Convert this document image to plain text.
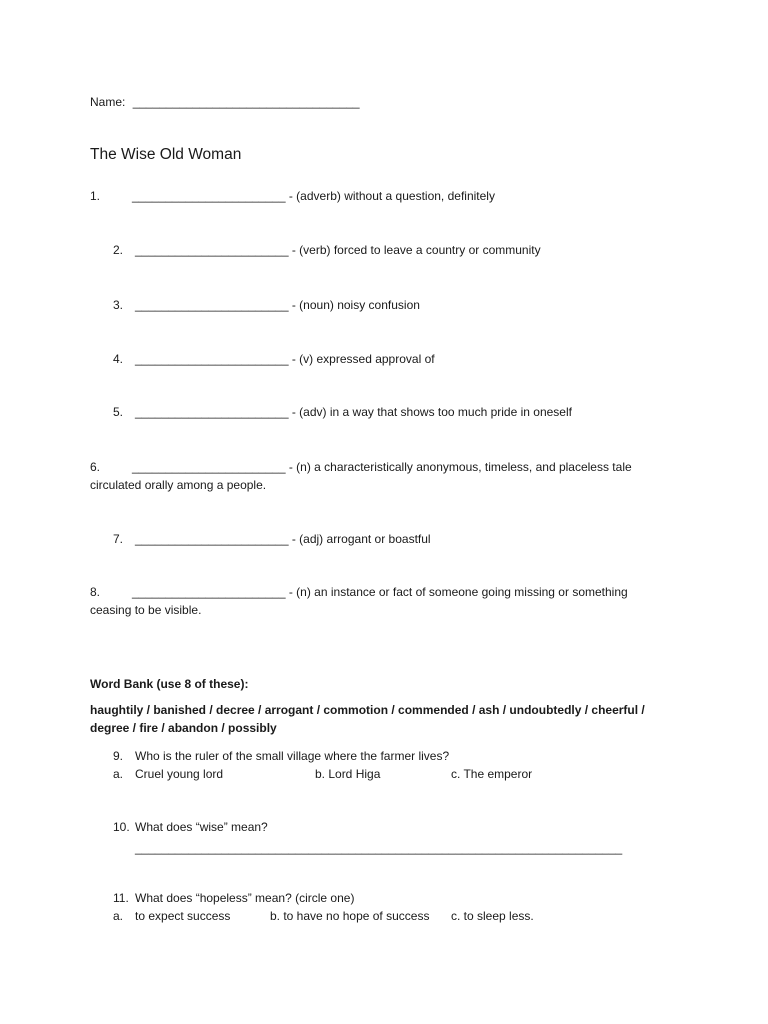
Name: __________________________________
The Wise Old Woman
1.	_______________________ - (adverb) without a question, definitely
2. _______________________ - (verb) forced to leave a country or community
3. _______________________ - (noun) noisy confusion
4. _______________________ - (v) expressed approval of
5. _______________________ - (adv) in a way that shows too much pride in oneself
6.	_______________________ - (n) a characteristically anonymous, timeless, and placeless tale
circulated orally among a people.
7. _______________________ - (adj) arrogant or boastful
8.	_______________________ - (n) an instance or fact of someone going missing or something
ceasing to be visible.
Word Bank (use 8 of these):
haughtily / banished / decree / arrogant / commotion / commended / ash / undoubtedly / cheerful /
degree / fire / abandon / possibly
9. Who is the ruler of the small village where the farmer lives?
a. Cruel young lord	b. Lord Higa	c. The emperor
10. What does “wise” mean?
_________________________________________________________________________
11. What does “hopeless” mean? (circle one)
a. to expect success	b. to have no hope of success c. to sleep less.
